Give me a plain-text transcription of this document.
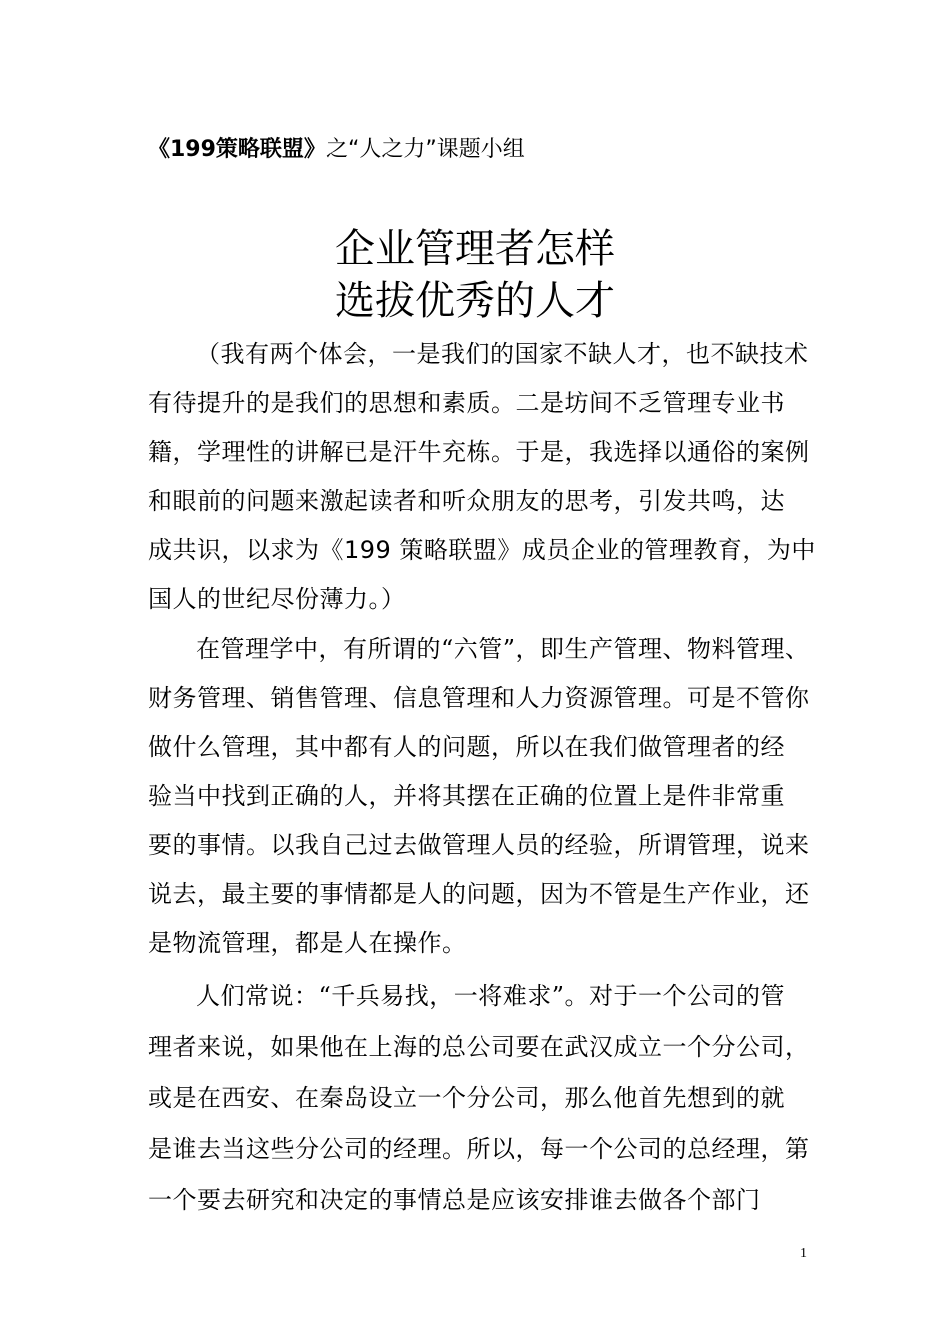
《199策略联盟》之“人之力”课题小组
企业管理者怎样
选拔优秀的人才
（我有两个体会，一是我们的国家不缺人才，也不缺技术
有待提升的是我们的思想和素质。二是坊间不乏管理专业书
籍，学理性的讲解已是汗牛充栋。于是，我选择以通俗的案例
和眼前的问题来激起读者和听众朋友的思考，引发共鸣，达
成共识，以求为《199 策略联盟》成员企业的管理教育，为中
国人的世纪尽份薄力。）
在管理学中，有所谓的“六管”，即生产管理、物料管理、
财务管理、销售管理、信息管理和人力资源管理。可是不管你
做什么管理，其中都有人的问题，所以在我们做管理者的经
验当中找到正确的人，并将其摆在正确的位置上是件非常重
要的事情。以我自己过去做管理人员的经验，所谓管理，说来
说去，最主要的事情都是人的问题，因为不管是生产作业，还
是物流管理，都是人在操作。
人们常说：“千兵易找，一将难求”。对于一个公司的管
理者来说，如果他在上海的总公司要在武汉成立一个分公司，
或是在西安、在秦岛设立一个分公司，那么他首先想到的就
是谁去当这些分公司的经理。所以，每一个公司的总经理，第
一个要去研究和决定的事情总是应该安排谁去做各个部门
1
